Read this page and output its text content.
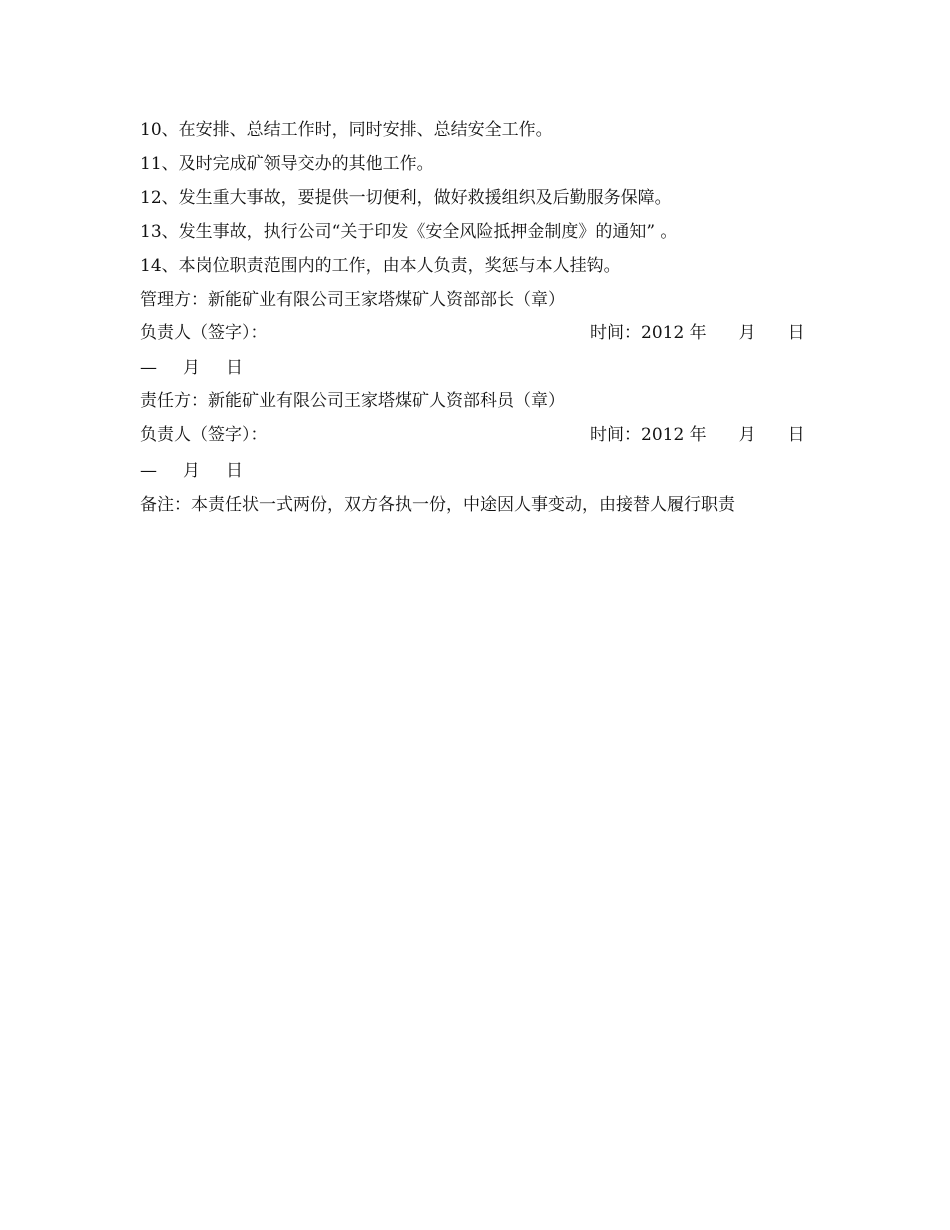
10、在安排、总结工作时，同时安排、总结安全工作。
11、及时完成矿领导交办的其他工作。
12、发生重大事故，要提供一切便利，做好救援组织及后勤服务保障。
13、发生事故，执行公司“关于印发《安全风险抵押金制度》的通知” 。
14、本岗位职责范围内的工作，由本人负责，奖惩与本人挂钩。
管理方：新能矿业有限公司王家塔煤矿人资部部长（章）
负责人（签字）：	时间：2012 年 月 日
— 月 日
责任方：新能矿业有限公司王家塔煤矿人资部科员（章）
负责人（签字）：	时间：2012 年 月 日
— 月 日
备注：本责任状一式两份，双方各执一份，中途因人事变动，由接替人履行职责
